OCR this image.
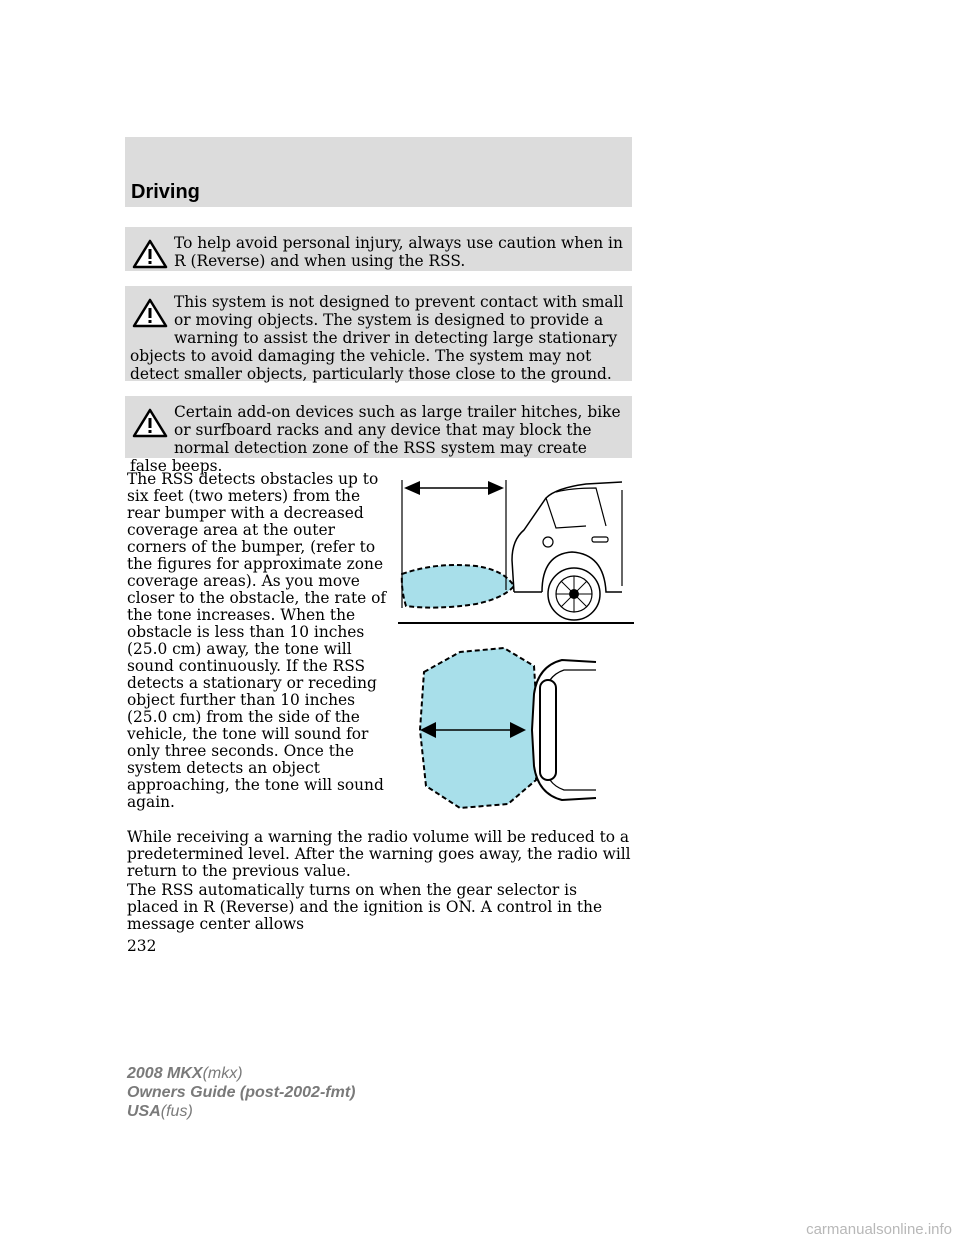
Driving
To help avoid personal injury, always use caution when in R (Reverse) and when using the RSS.
This system is not designed to prevent contact with small or moving objects. The system is designed to provide a warning to assist the driver in detecting large stationary objects to avoid damaging the vehicle. The system may not detect smaller objects, particularly those close to the ground.
Certain add-on devices such as large trailer hitches, bike or surfboard racks and any device that may block the normal detection zone of the RSS system may create false beeps.
The RSS detects obstacles up to six feet (two meters) from the rear bumper with a decreased coverage area at the outer corners of the bumper, (refer to the figures for approximate zone coverage areas). As you move closer to the obstacle, the rate of the tone increases. When the obstacle is less than 10 inches (25.0 cm) away, the tone will sound continuously. If the RSS detects a stationary or receding object further than 10 inches (25.0 cm) from the side of the vehicle, the tone will sound for only three seconds. Once the system detects an object approaching, the tone will sound again.
While receiving a warning the radio volume will be reduced to a predetermined level. After the warning goes away, the radio will return to the previous value.
The RSS automatically turns on when the gear selector is placed in R (Reverse) and the ignition is ON. A control in the message center allows
232
2008 MKX(mkx)
Owners Guide (post-2002-fmt)
USA(fus)
carmanualsonline.info
